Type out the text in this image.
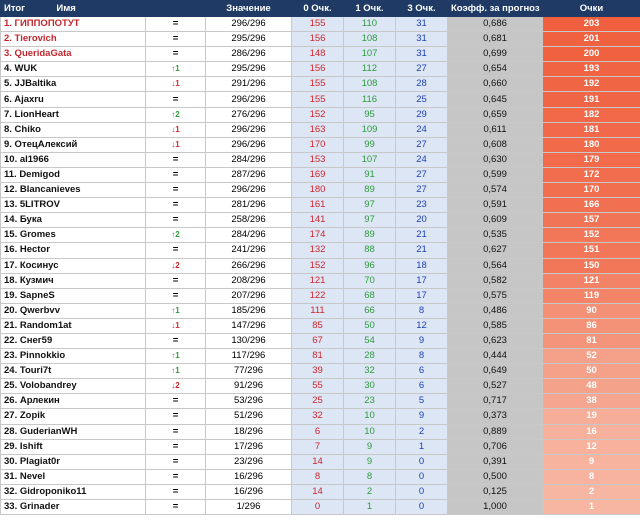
Итог Имя		Значение	0 Очк.	1 Очк.	3 Очк.	Коэфф. за прогноз	Очки
1. ГИППОПОТУТ	=	296/296	155	110	31	0,686	203
2. Tierovich	=	295/296	156	108	31	0,681	201
3. QueridaGata	=	286/296	148	107	31	0,699	200
4. WUK	↑1	295/296	156	112	27	0,654	193
5. JJBaltika	↓1	291/296	155	108	28	0,660	192
6. Ajaxru	=	296/296	155	116	25	0,645	191
7. LionHeart	↑2	276/296	152	95	29	0,659	182
8. Chiko	↓1	296/296	163	109	24	0,611	181
9. ОтецАлексий	↓1	296/296	170	99	27	0,608	180
10. al1966	=	284/296	153	107	24	0,630	179
11. Demigod	=	287/296	169	91	27	0,599	172
12. Blancanieves	=	296/296	180	89	27	0,574	170
13. 5LITROV	=	281/296	161	97	23	0,591	166
14. Бука	=	258/296	141	97	20	0,609	157
15. Gromes	↑2	284/296	174	89	21	0,535	152
16. Hector	=	241/296	132	88	21	0,627	151
17. Косинус	↓2	266/296	152	96	18	0,564	150
18. Кузмич	=	208/296	121	70	17	0,582	121
19. SapneS	=	207/296	122	68	17	0,575	119
20. Qwerbvv	↑1	185/296	111	66	8	0,486	90
21. Random1at	↓1	147/296	85	50	12	0,585	86
22. Снег59	=	130/296	67	54	9	0,623	81
23. Pinnokkio	↑1	117/296	81	28	8	0,444	52
24. Touri7t	↑1	77/296	39	32	6	0,649	50
25. Volobandrey	↓2	91/296	55	30	6	0,527	48
26. Арлекин	=	53/296	25	23	5	0,717	38
27. Zopik	=	51/296	32	10	9	0,373	19
28. GuderianWH	=	18/296	6	10	2	0,889	16
29. Ishift	=	17/296	7	9	1	0,706	12
30. Plagiat0r	=	23/296	14	9	0	0,391	9
31. Nevel	=	16/296	8	8	0	0,500	8
32. Gidroponiko11	=	16/296	14	2	0	0,125	2
33. Grinader	=	1/296	0	1	0	1,000	1
